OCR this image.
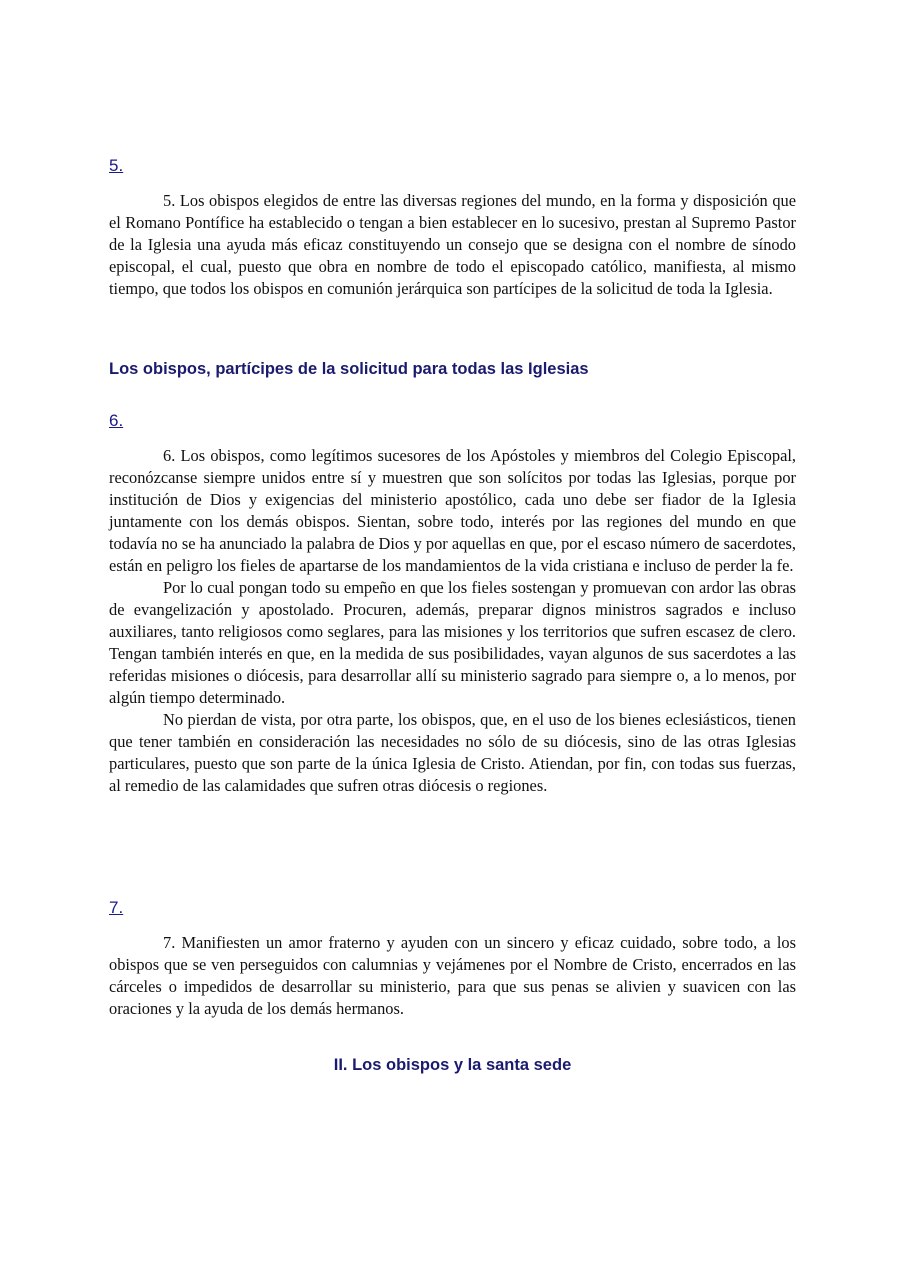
5.

5. Los obispos elegidos de entre las diversas regiones del mundo, en la forma y disposición que el Romano Pontífice ha establecido o tengan a bien establecer en lo sucesivo, prestan al Supremo Pastor de la Iglesia una ayuda más eficaz constituyendo un consejo que se designa con el nombre de sínodo episcopal, el cual, puesto que obra en nombre de todo el episcopado católico, manifiesta, al mismo tiempo, que todos los obispos en comunión jerárquica son partícipes de la solicitud de toda la Iglesia.

Los obispos, partícipes de la solicitud para todas las Iglesias
6.

6. Los obispos, como legítimos sucesores de los Apóstoles y miembros del Colegio Episcopal, reconózcanse siempre unidos entre sí y muestren que son solícitos por todas las Iglesias, porque por institución de Dios y exigencias del ministerio apostólico, cada uno debe ser fiador de la Iglesia juntamente con los demás obispos. Sientan, sobre todo, interés por las regiones del mundo en que todavía no se ha anunciado la palabra de Dios y por aquellas en que, por el escaso número de sacerdotes, están en peligro los fieles de apartarse de los mandamientos de la vida cristiana e incluso de perder la fe.

Por lo cual pongan todo su empeño en que los fieles sostengan y promuevan con ardor las obras de evangelización y apostolado. Procuren, además, preparar dignos ministros sagrados e incluso auxiliares, tanto religiosos como seglares, para las misiones y los territorios que sufren escasez de clero. Tengan también interés en que, en la medida de sus posibilidades, vayan algunos de sus sacerdotes a las referidas misiones o diócesis, para desarrollar allí su ministerio sagrado para siempre o, a lo menos, por algún tiempo determinado.

No pierdan de vista, por otra parte, los obispos, que, en el uso de los bienes eclesiásticos, tienen que tener también en consideración las necesidades no sólo de su diócesis, sino de las otras Iglesias particulares, puesto que son parte de la única Iglesia de Cristo. Atiendan, por fin, con todas sus fuerzas, al remedio de las calamidades que sufren otras diócesis o regiones.

7.

7. Manifiesten un amor fraterno y ayuden con un sincero y eficaz cuidado, sobre todo, a los obispos que se ven perseguidos con calumnias y vejámenes por el Nombre de Cristo, encerrados en las cárceles o impedidos de desarrollar su ministerio, para que sus penas se alivien y suavicen con las oraciones y la ayuda de los demás hermanos.

II. Los obispos y la santa sede
